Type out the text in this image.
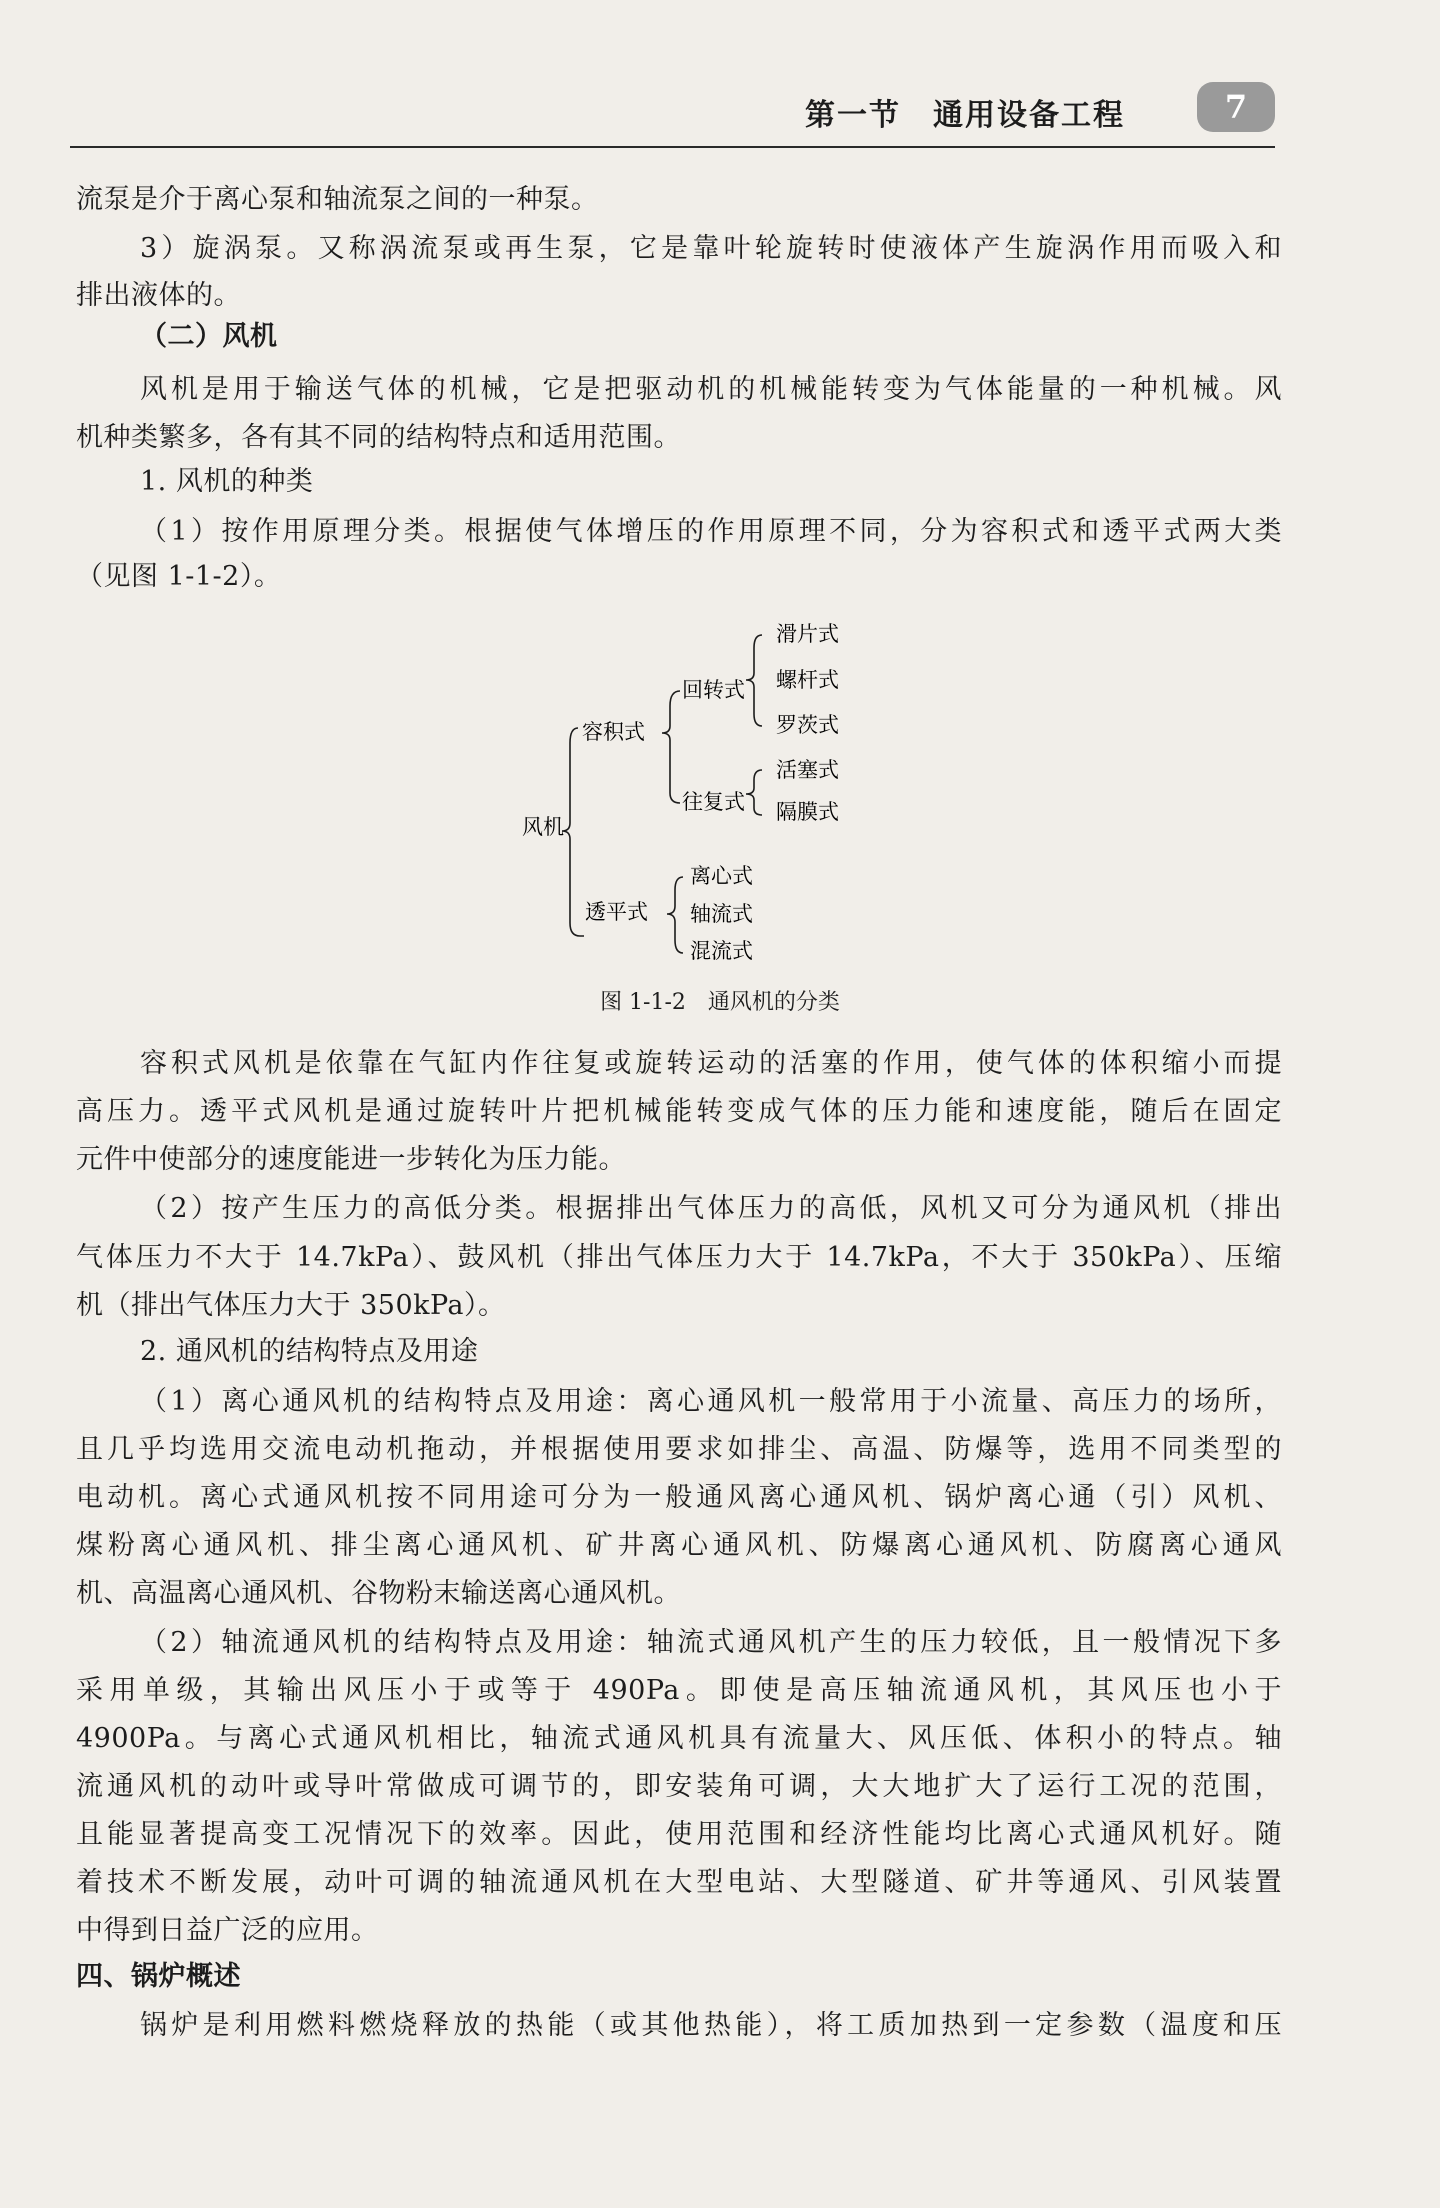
第一节　通用设备工程	7
流泵是介于离心泵和轴流泵之间的一种泵。
3）旋涡泵。又称涡流泵或再生泵，它是靠叶轮旋转时使液体产生旋涡作用而吸入和
排出液体的。
（二）风机
风机是用于输送气体的机械，它是把驱动机的机械能转变为气体能量的一种机械。风
机种类繁多，各有其不同的结构特点和适用范围。
1. 风机的种类
（1）按作用原理分类。根据使气体增压的作用原理不同，分为容积式和透平式两大类
（见图 1-1-2）。
风机
容积式
回转式
滑片式
螺杆式
罗茨式
往复式
活塞式
隔膜式
透平式
离心式
轴流式
混流式
图 1-1-2　通风机的分类
容积式风机是依靠在气缸内作往复或旋转运动的活塞的作用，使气体的体积缩小而提
高压力。透平式风机是通过旋转叶片把机械能转变成气体的压力能和速度能，随后在固定
元件中使部分的速度能进一步转化为压力能。
（2）按产生压力的高低分类。根据排出气体压力的高低，风机又可分为通风机（排出
气体压力不大于 14.7kPa）、鼓风机（排出气体压力大于 14.7kPa，不大于 350kPa）、压缩
机（排出气体压力大于 350kPa）。
2. 通风机的结构特点及用途
（1）离心通风机的结构特点及用途：离心通风机一般常用于小流量、高压力的场所，
且几乎均选用交流电动机拖动，并根据使用要求如排尘、高温、防爆等，选用不同类型的
电动机。离心式通风机按不同用途可分为一般通风离心通风机、锅炉离心通（引）风机、
煤粉离心通风机、排尘离心通风机、矿井离心通风机、防爆离心通风机、防腐离心通风
机、高温离心通风机、谷物粉末输送离心通风机。
（2）轴流通风机的结构特点及用途：轴流式通风机产生的压力较低，且一般情况下多
采用单级，其输出风压小于或等于 490Pa。即使是高压轴流通风机，其风压也小于
4900Pa。与离心式通风机相比，轴流式通风机具有流量大、风压低、体积小的特点。轴
流通风机的动叶或导叶常做成可调节的，即安装角可调，大大地扩大了运行工况的范围，
且能显著提高变工况情况下的效率。因此，使用范围和经济性能均比离心式通风机好。随
着技术不断发展，动叶可调的轴流通风机在大型电站、大型隧道、矿井等通风、引风装置
中得到日益广泛的应用。
四、锅炉概述
锅炉是利用燃料燃烧释放的热能（或其他热能），将工质加热到一定参数（温度和压
